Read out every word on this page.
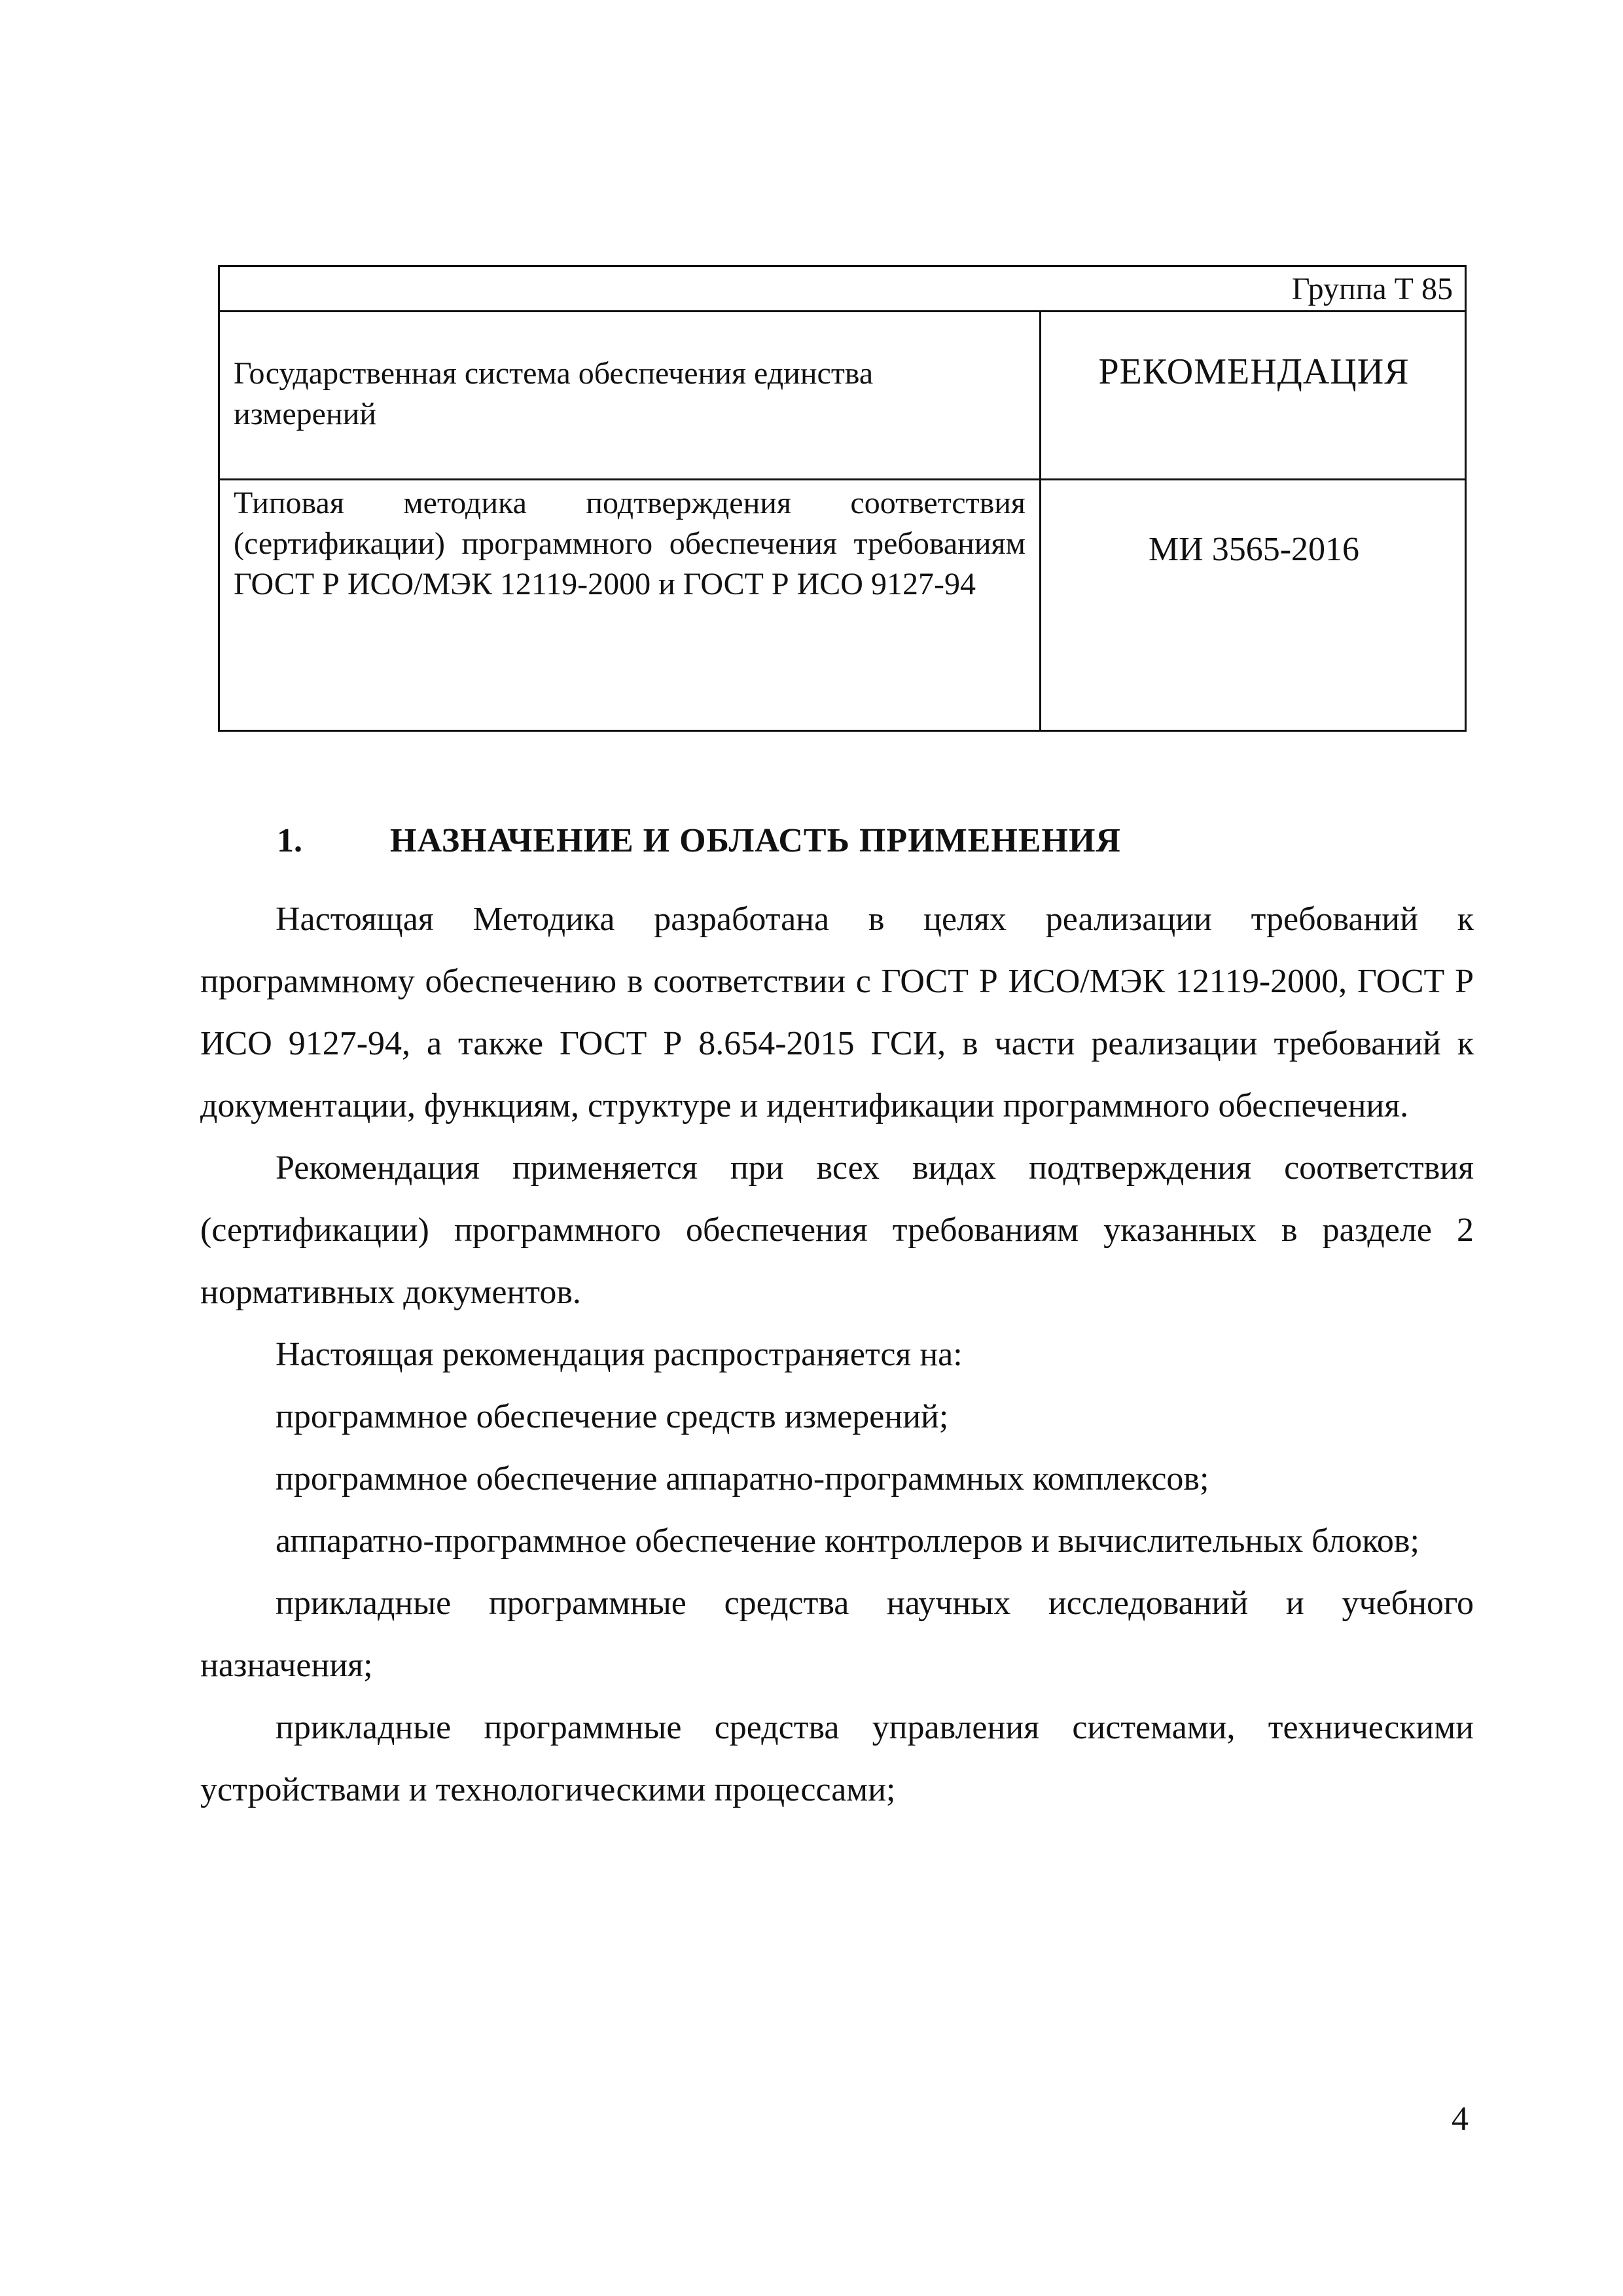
Группа Т 85
Государственная система обеспечения единства измерений
РЕКОМЕНДАЦИЯ
Типовая методика подтверждения соответствия (сертификации) программного обеспечения требованиям ГОСТ Р ИСО/МЭК 12119-2000 и ГОСТ Р ИСО 9127-94
МИ 3565-2016
1.	НАЗНАЧЕНИЕ И ОБЛАСТЬ ПРИМЕНЕНИЯ

Настоящая Методика разработана в целях реализации требований к программному обеспечению в соответствии с ГОСТ Р ИСО/МЭК 12119-2000, ГОСТ Р ИСО 9127-94, а также ГОСТ Р 8.654-2015 ГСИ, в части реализации требований к документации, функциям, структуре и идентификации программного обеспечения.

Рекомендация применяется при всех видах подтверждения соответствия (сертификации) программного обеспечения требованиям указанных в разделе 2 нормативных документов.

Настоящая рекомендация распространяется на:

программное обеспечение средств измерений;

программное обеспечение аппаратно-программных комплексов;

аппаратно-программное обеспечение контроллеров и вычислительных блоков;

прикладные программные средства научных исследований и учебного назначения;

прикладные программные средства управления системами, техническими устройствами и технологическими процессами;

4
